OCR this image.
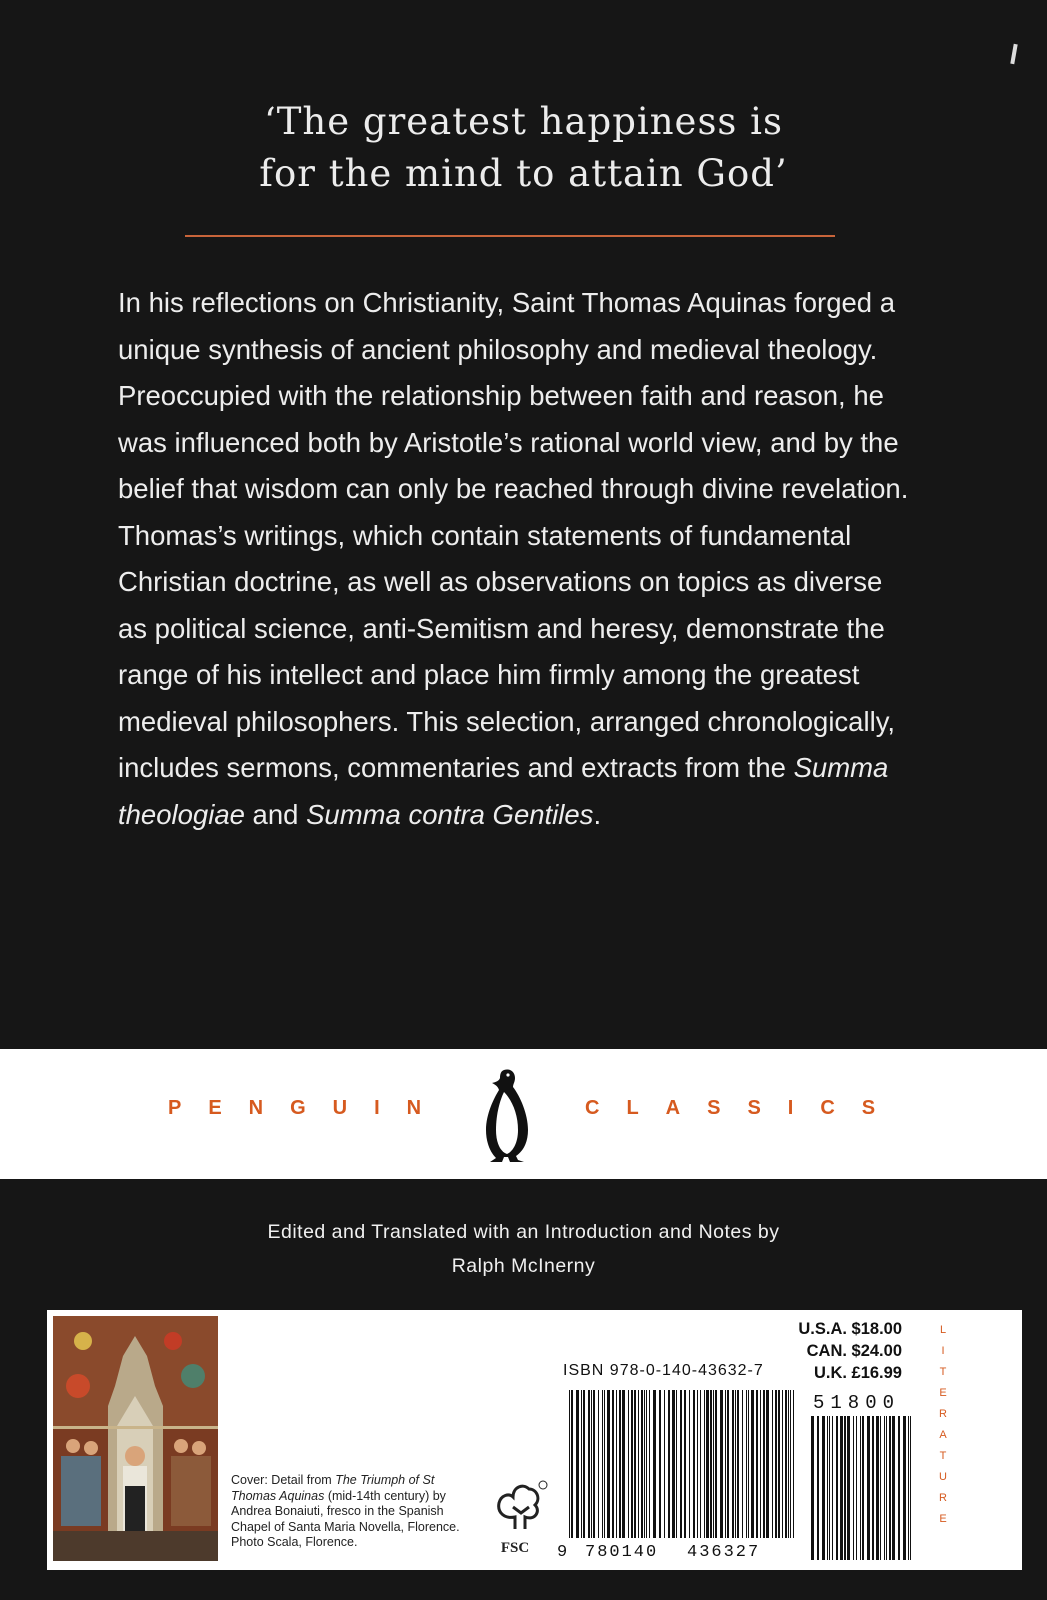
‘The greatest happiness is
for the mind to attain God’

In his reflections on Christianity, Saint Thomas Aquinas forged a unique synthesis of ancient philosophy and medieval theology. Preoccupied with the relationship between faith and reason, he was influenced both by Aristotle’s rational world view, and by the belief that wisdom can only be reached through divine revelation. Thomas’s writings, which contain statements of fundamental Christian doctrine, as well as observations on topics as diverse as political science, anti-Semitism and heresy, demonstrate the range of his intellect and place him firmly among the greatest medieval philosophers. This selection, arranged chronologically, includes sermons, commentaries and extracts from the Summa theologiae and Summa contra Gentiles.

PENGUIN	CLASSICS
Edited and Translated with an Introduction and Notes by
Ralph McInerny
Cover: Detail from The Triumph of St Thomas Aquinas (mid-14th century) by Andrea Bonaiuti, fresco in the Spanish Chapel of Santa Maria Novella, Florence. Photo Scala, Florence.	FSC
ISBN 978-0-140-43632-7
9 780140 436327
51800
U.S.A. $18.00
CAN. $24.00
U.K. £16.99
L
I
T
E
R
A
T
U
R
E
